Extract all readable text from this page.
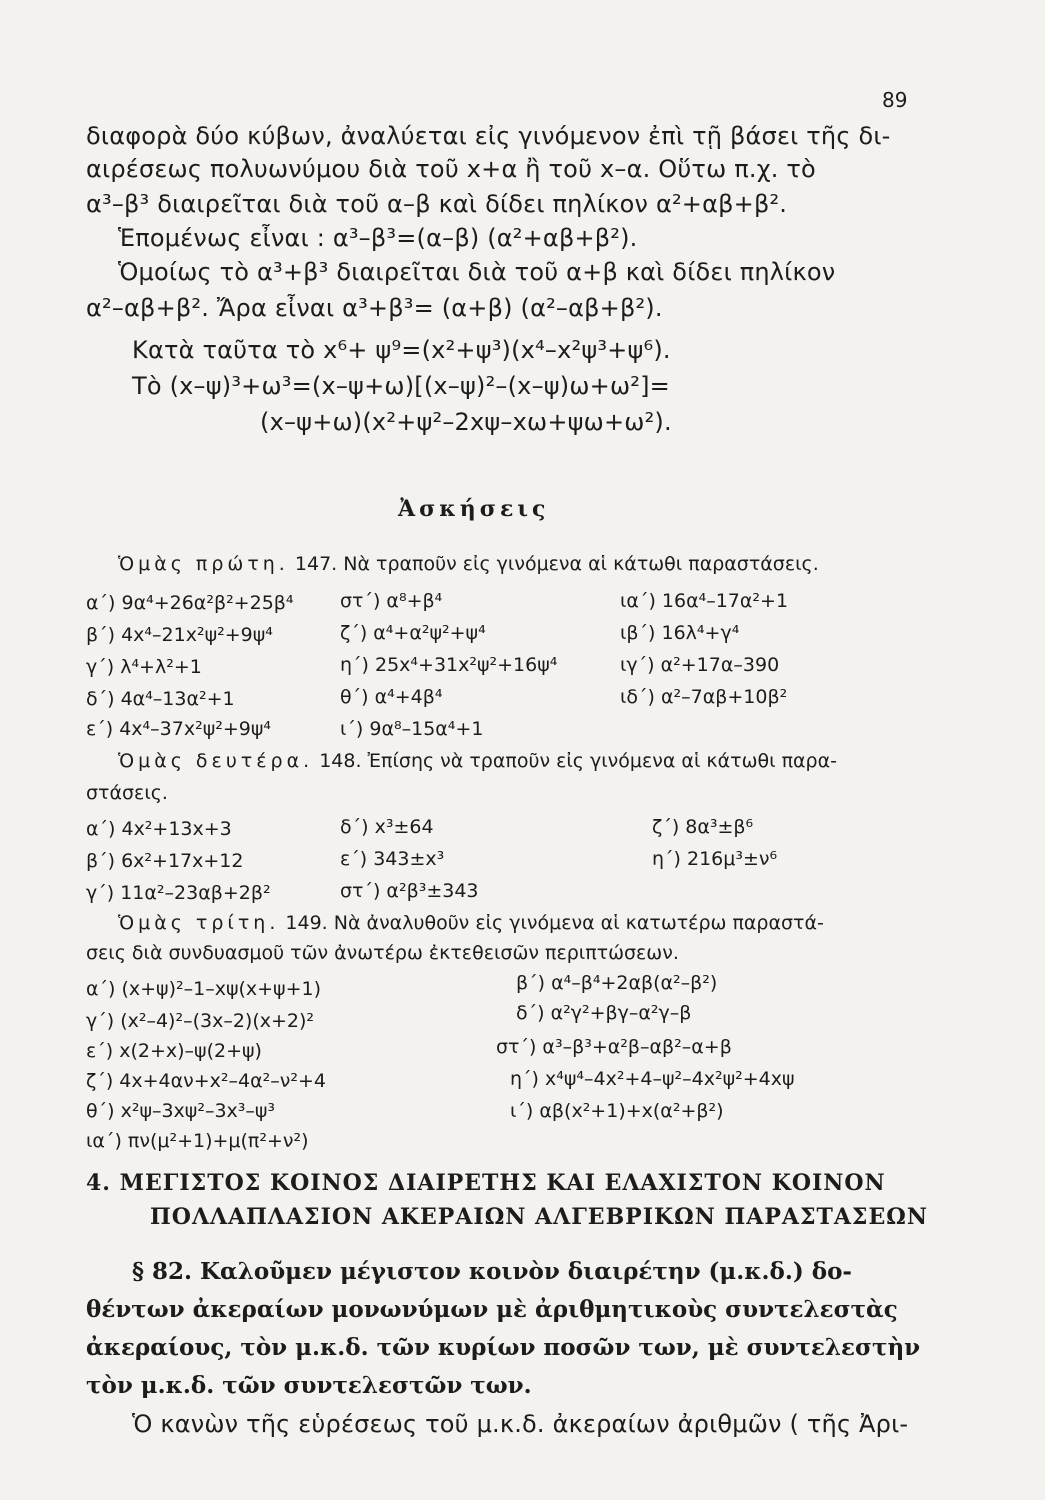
89
διαφορὰ δύο κύβων, ἀναλύεται εἰς γινόμενον ἐπὶ τῇ βάσει τῆς δι-
αιρέσεως πολυωνύμου διὰ τοῦ x+α ἢ τοῦ x–α. Οὕτω π.χ. τὸ
α³–β³ διαιρεῖται διὰ τοῦ α–β καὶ δίδει πηλίκον α²+αβ+β².
Ἑπομένως εἶναι : α³–β³=(α–β) (α²+αβ+β²).
Ὁμοίως τὸ α³+β³ διαιρεῖται διὰ τοῦ α+β καὶ δίδει πηλίκον
α²–αβ+β². Ἄρα εἶναι α³+β³= (α+β) (α²–αβ+β²).
Κατὰ ταῦτα τὸ x⁶+ ψ⁹=(x²+ψ³)(x⁴–x²ψ³+ψ⁶).
Τὸ (x–ψ)³+ω³=(x–ψ+ω)[(x–ψ)²–(x–ψ)ω+ω²]=
(x–ψ+ω)(x²+ψ²–2xψ–xω+ψω+ω²).
Ἀσκήσεις
Ὁμὰς πρώτη. 147. Νὰ τραποῦν εἰς γινόμενα αἱ κάτωθι παραστάσεις.
α΄) 9α⁴+26α²β²+25β⁴
β΄) 4x⁴–21x²ψ²+9ψ⁴
γ΄) λ⁴+λ²+1
δ΄) 4α⁴–13α²+1
ε΄) 4x⁴–37x²ψ²+9ψ⁴
στ΄) α⁸+β⁴
ζ΄) α⁴+α²ψ²+ψ⁴
η΄) 25x⁴+31x²ψ²+16ψ⁴
θ΄) α⁴+4β⁴
ι΄) 9α⁸–15α⁴+1
ια΄) 16α⁴–17α²+1
ιβ΄) 16λ⁴+γ⁴
ιγ΄) α²+17α–390
ιδ΄) α²–7αβ+10β²
Ὁμὰς δευτέρα. 148. Ἐπίσης νὰ τραποῦν εἰς γινόμενα αἱ κάτωθι παρα-
στάσεις.
α΄) 4x²+13x+3
β΄) 6x²+17x+12
γ΄) 11α²–23αβ+2β²
δ΄) x³±64
ε΄) 343±x³
στ΄) α²β³±343
ζ΄) 8α³±β⁶
η΄) 216μ³±ν⁶
Ὁμὰς τρίτη. 149. Νὰ ἀναλυθοῦν εἰς γινόμενα αἱ κατωτέρω παραστά-
σεις διὰ συνδυασμοῦ τῶν ἀνωτέρω ἐκτεθεισῶν περιπτώσεων.
α΄) (x+ψ)²–1–xψ(x+ψ+1)
γ΄) (x²–4)²–(3x–2)(x+2)²
ε΄) x(2+x)–ψ(2+ψ)
ζ΄) 4x+4αν+x²–4α²–ν²+4
θ΄) x²ψ–3xψ²–3x³–ψ³
ια΄) πν(μ²+1)+μ(π²+ν²)
β΄) α⁴–β⁴+2αβ(α²–β²)
δ΄) α²γ²+βγ–α²γ–β
στ΄) α³–β³+α²β–αβ²–α+β
η΄) x⁴ψ⁴–4x²+4–ψ²–4x²ψ²+4xψ
ι΄) αβ(x²+1)+x(α²+β²)
4. ΜΕΓΙΣΤΟΣ ΚΟΙΝΟΣ ΔΙΑΙΡΕΤΗΣ ΚΑΙ ΕΛΑΧΙΣΤΟΝ ΚΟΙΝΟΝ
ΠΟΛΛΑΠΛΑΣΙΟΝ ΑΚΕΡΑΙΩΝ ΑΛΓΕΒΡΙΚΩΝ ΠΑΡΑΣΤΑΣΕΩΝ
§ 82. Καλοῦμεν μέγιστον κοινὸν διαιρέτην (μ.κ.δ.) δο-
θέντων ἀκεραίων μονωνύμων μὲ ἀριθμητικοὺς συντελεστὰς
ἀκεραίους, τὸν μ.κ.δ. τῶν κυρίων ποσῶν των, μὲ συντελεστὴν
τὸν μ.κ.δ. τῶν συντελεστῶν των.
Ὁ κανὼν τῆς εὑρέσεως τοῦ μ.κ.δ. ἀκεραίων ἀριθμῶν ( τῆς Ἀρι-
